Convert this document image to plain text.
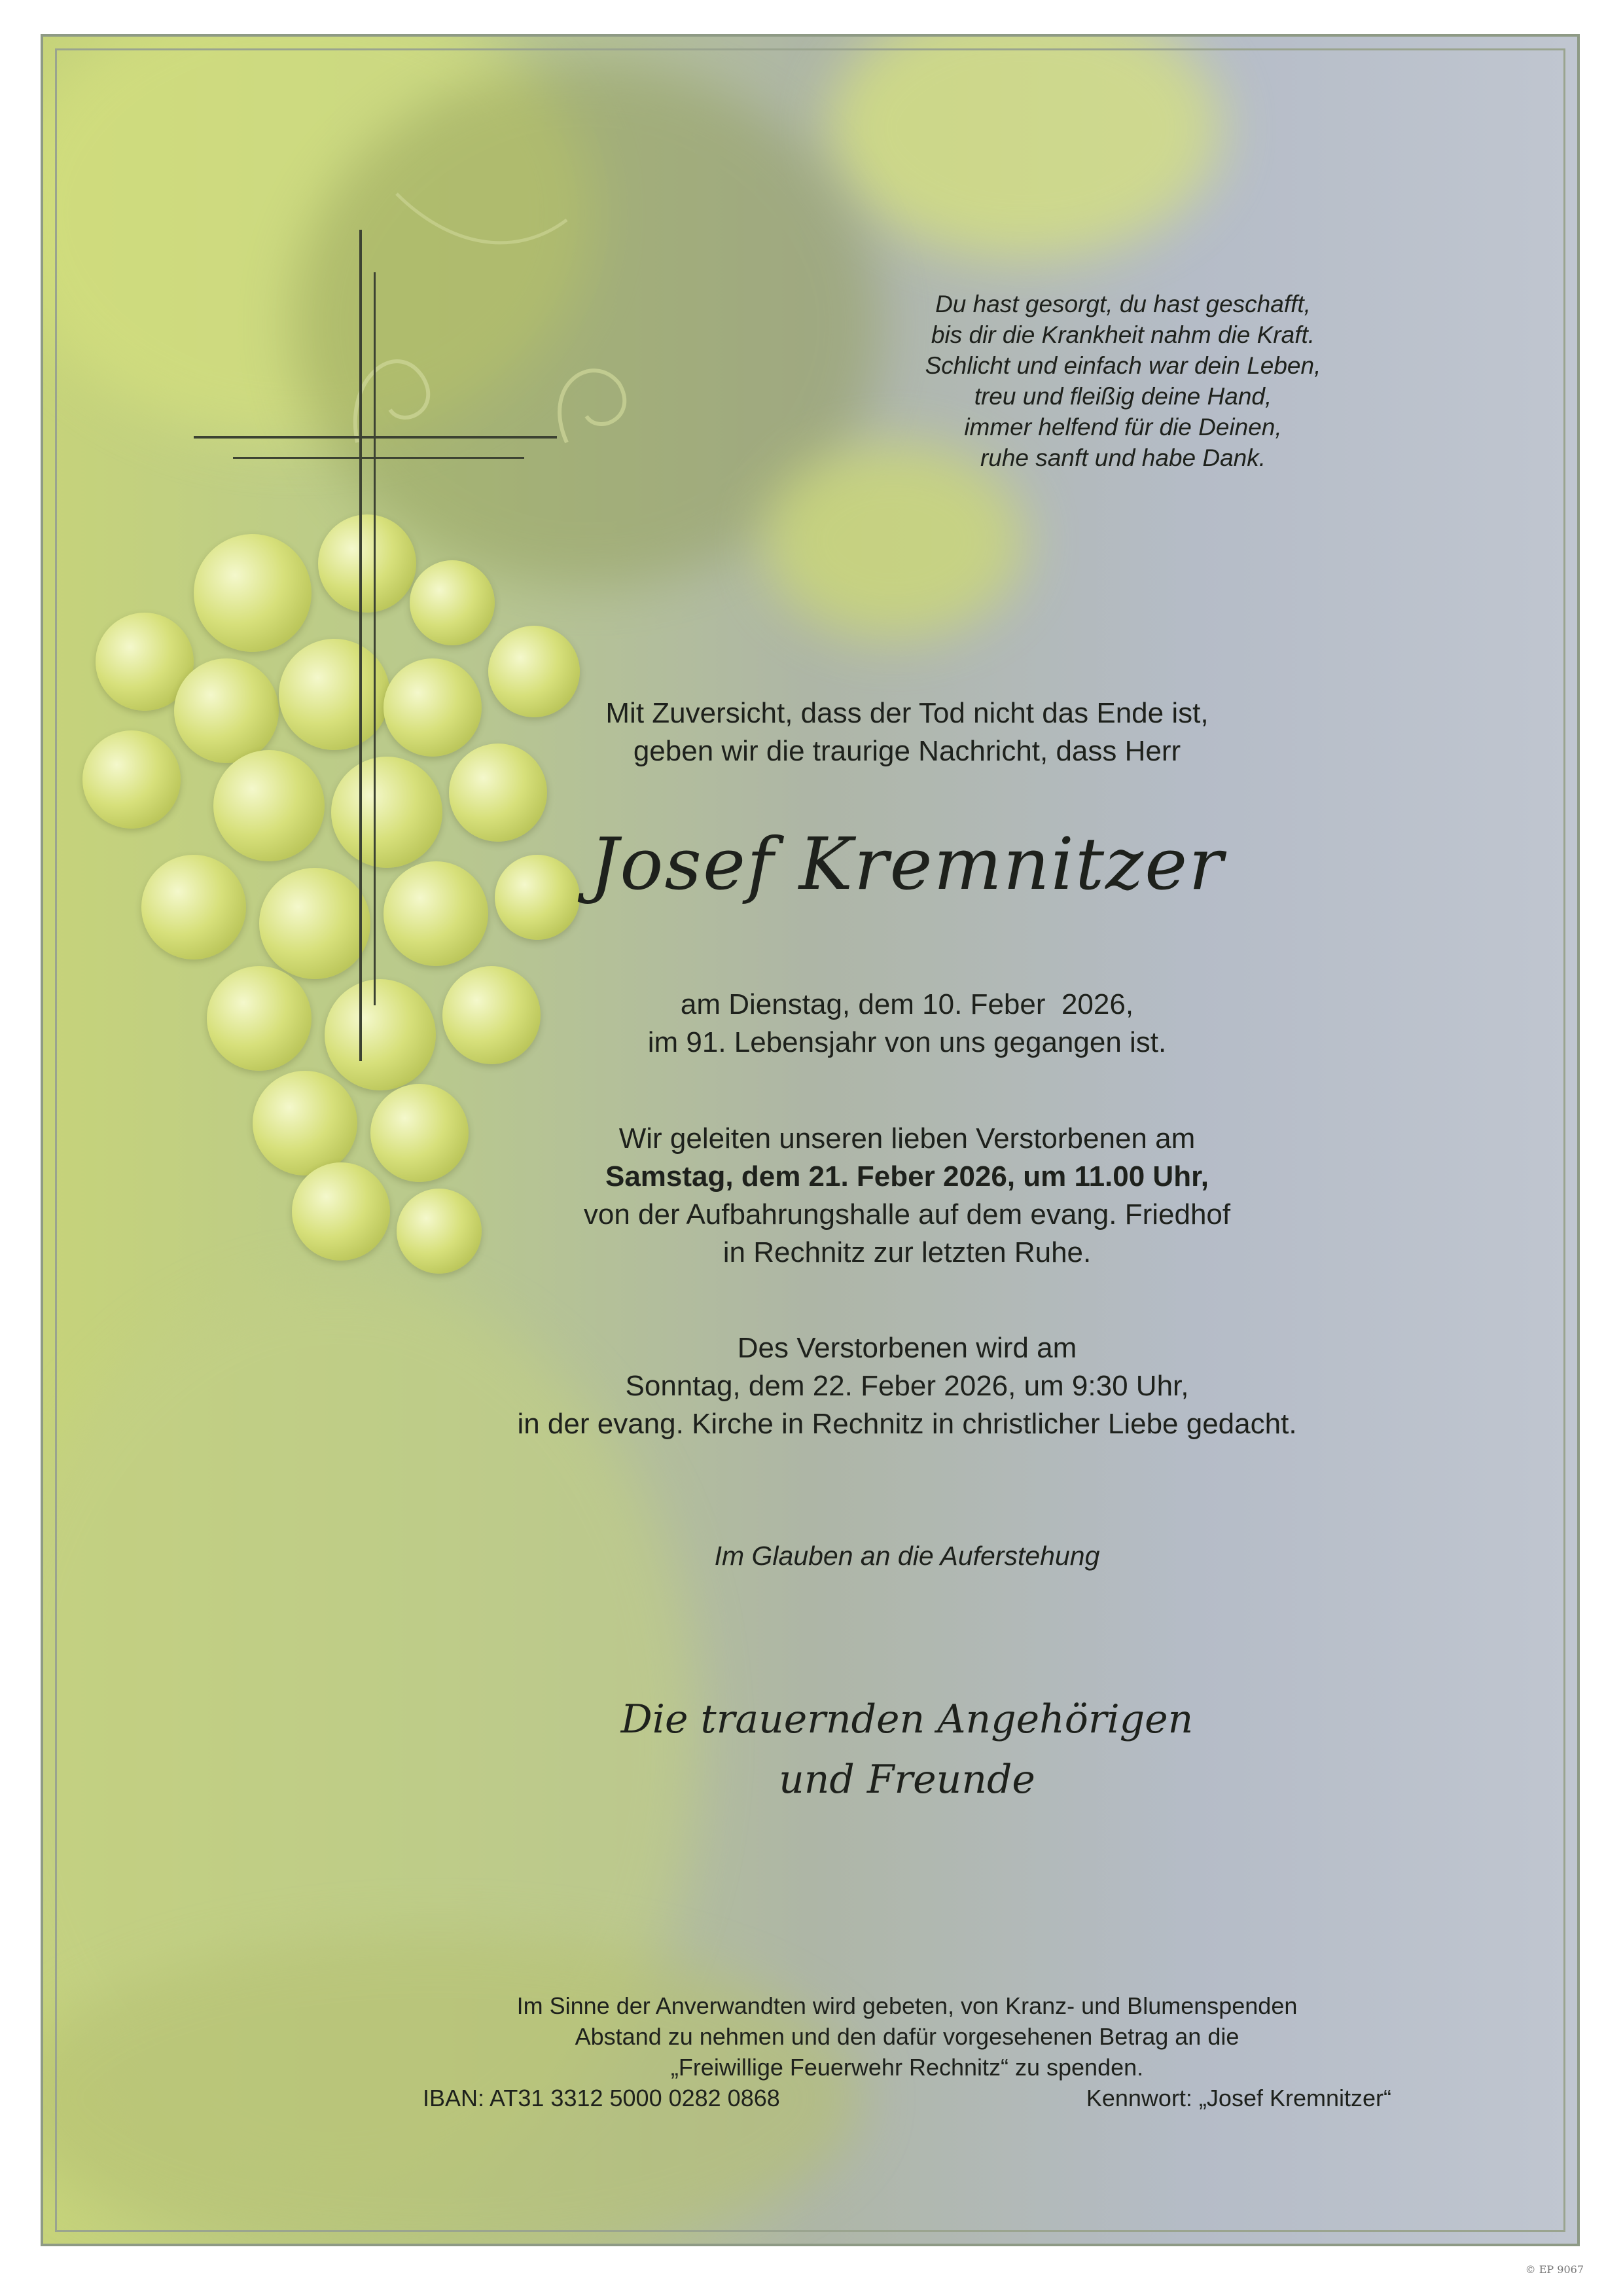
Du hast gesorgt, du hast geschafft,
bis dir die Krankheit nahm die Kraft.
Schlicht und einfach war dein Leben,
treu und fleißig deine Hand,
immer helfend für die Deinen,
ruhe sanft und habe Dank.
Mit Zuversicht, dass der Tod nicht das Ende ist,
geben wir die traurige Nachricht, dass Herr
Josef Kremnitzer
am Dienstag, dem 10. Feber  2026,
im 91. Lebensjahr von uns gegangen ist.
Wir geleiten unseren lieben Verstorbenen am
Samstag, dem 21. Feber 2026, um 11.00 Uhr,
von der Aufbahrungshalle auf dem evang. Friedhof
in Rechnitz zur letzten Ruhe.
Des Verstorbenen wird am
Sonntag, dem 22. Feber 2026, um 9:30 Uhr,
in der evang. Kirche in Rechnitz in christlicher Liebe gedacht.
Im Glauben an die Auferstehung
Die trauernden Angehörigen
und Freunde
Im Sinne der Anverwandten wird gebeten, von Kranz- und Blumenspenden
Abstand zu nehmen und den dafür vorgesehenen Betrag an die
„Freiwillige Feuerwehr Rechnitz“ zu spenden.
IBAN: AT31 3312 5000 0282 0868	Kennwort: „Josef Kremnitzer“
© EP 9067
